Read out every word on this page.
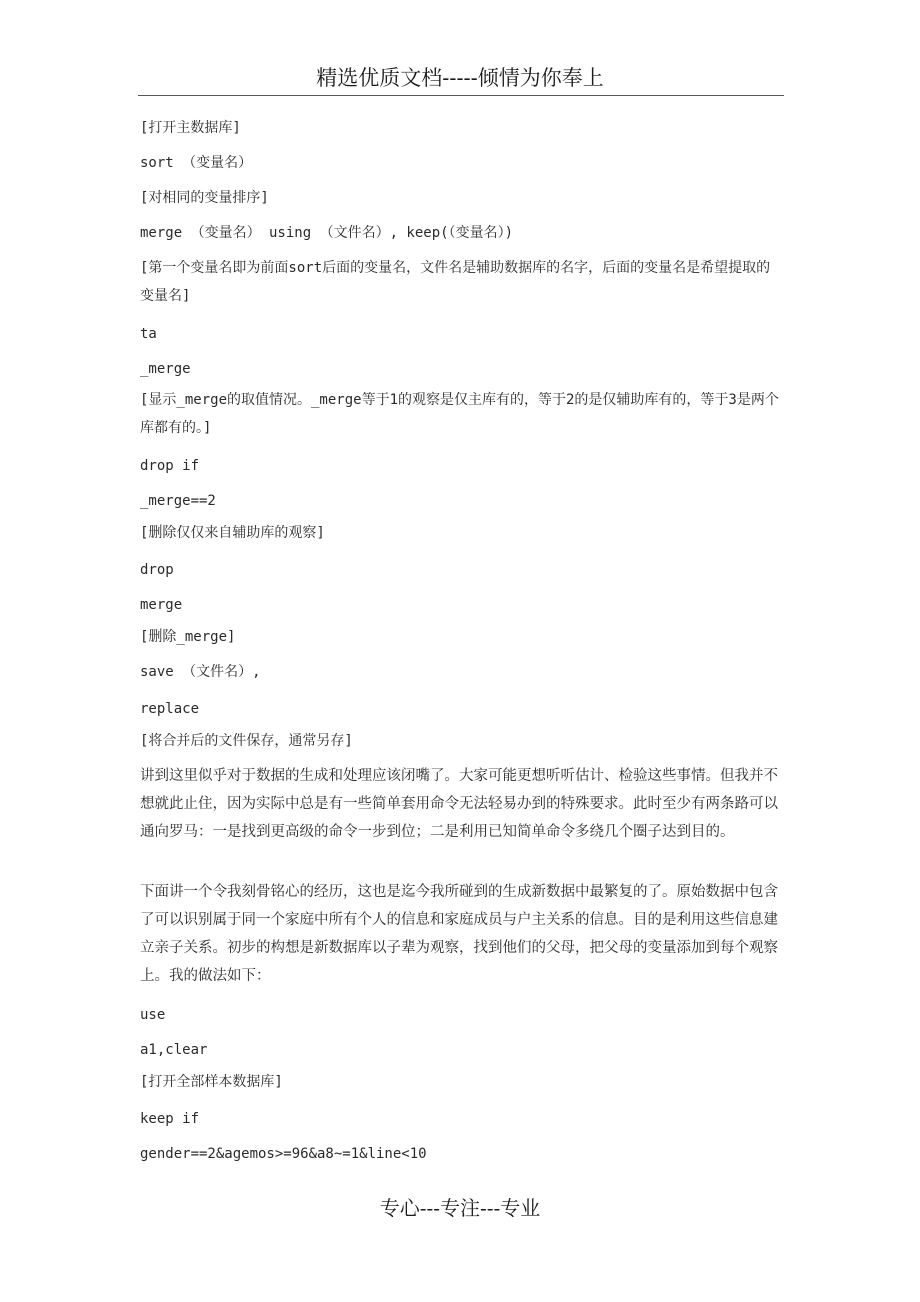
精选优质文档-----倾情为你奉上
[打开主数据库]
sort （变量名）
[对相同的变量排序]
merge （变量名） using （文件名）, keep(（变量名）)
[第一个变量名即为前面sort后面的变量名，文件名是辅助数据库的名字，后面的变量名是希望提取的变量名]
ta
_merge
[显示_merge的取值情况。_merge等于1的观察是仅主库有的，等于2的是仅辅助库有的，等于3是两个库都有的。]
drop if
_merge==2
[删除仅仅来自辅助库的观察]
drop
merge
[删除_merge]
save （文件名）,
replace
[将合并后的文件保存，通常另存]
讲到这里似乎对于数据的生成和处理应该闭嘴了。大家可能更想听听估计、检验这些事情。但我并不想就此止住，因为实际中总是有一些简单套用命令无法轻易办到的特殊要求。此时至少有两条路可以通向罗马：一是找到更高级的命令一步到位；二是利用已知简单命令多绕几个圈子达到目的。
下面讲一个令我刻骨铭心的经历，这也是迄今我所碰到的生成新数据中最繁复的了。原始数据中包含了可以识别属于同一个家庭中所有个人的信息和家庭成员与户主关系的信息。目的是利用这些信息建立亲子关系。初步的构想是新数据库以子辈为观察，找到他们的父母，把父母的变量添加到每个观察上。我的做法如下：
use
a1,clear
[打开全部样本数据库]
keep if
gender==2&agemos>=96&a8~=1&line<10
专心---专注---专业
